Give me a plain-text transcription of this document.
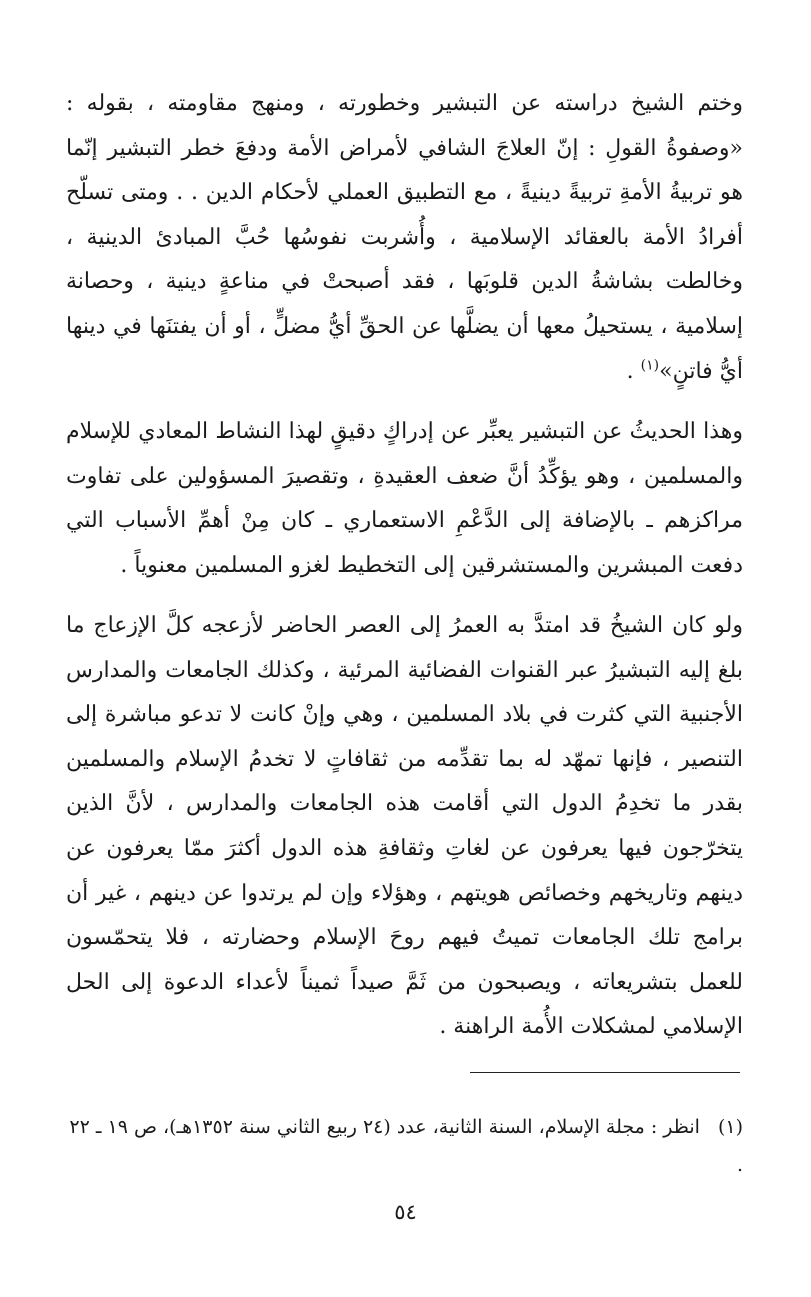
وختم الشيخ دراسته عن التبشير وخطورته ، ومنهج مقاومته ، بقوله : «وصفوةُ القولِ : إنّ العلاجَ الشافي لأمراض الأمة ودفعَ خطر التبشير إنّما هو تربيةُ الأمةِ تربيةً دينيةً ، مع التطبيق العملي لأحكام الدين . . ومتى تسلّح أفرادُ الأمة بالعقائد الإسلامية ، وأُشربت نفوسُها حُبَّ المبادئ الدينية ، وخالطت بشاشةُ الدين قلوبَها ، فقد أصبحتْ في مناعةٍ دينية ، وحصانة إسلامية ، يستحيلُ معها أن يضلَّها عن الحقِّ أيُّ مضلٍّ ، أو أن يفتنَها في دينها أيُّ فاتنٍ»$^{(١)}$ .

وهذا الحديثُ عن التبشير يعبِّر عن إدراكٍ دقيقٍ لهذا النشاط المعادي للإسلام والمسلمين ، وهو يؤكِّدُ أنَّ ضعف العقيدةِ ، وتقصيرَ المسؤولين على تفاوت مراكزهم ـ بالإضافة إلى الدَّعْمِ الاستعماري ـ كان مِنْ أهمِّ الأسباب التي دفعت المبشرين والمستشرقين إلى التخطيط لغزو المسلمين معنوياً .

ولو كان الشيخُ قد امتدَّ به العمرُ إلى العصر الحاضر لأزعجه كلَّ الإزعاج ما بلغ إليه التبشيرُ عبر القنوات الفضائية المرئية ، وكذلك الجامعات والمدارس الأجنبية التي كثرت في بلاد المسلمين ، وهي وإنْ كانت لا تدعو مباشرة إلى التنصير ، فإنها تمهّد له بما تقدِّمه من ثقافاتٍ لا تخدمُ الإسلام والمسلمين بقدر ما تخدِمُ الدول التي أقامت هذه الجامعات والمدارس ، لأنَّ الذين يتخرّجون فيها يعرفون عن لغاتِ وثقافةِ هذه الدول أكثرَ ممّا يعرفون عن دينهم وتاريخهم وخصائص هويتهم ، وهؤلاء وإن لم يرتدوا عن دينهم ، غير أن برامج تلك الجامعات تميتُ فيهم روحَ الإسلام وحضارته ، فلا يتحمّسون للعمل بتشريعاته ، ويصبحون من ثَمَّ صيداً ثميناً لأعداء الدعوة إلى الحل الإسلامي لمشكلات الأُمة الراهنة .

(١)انظر : مجلة الإسلام، السنة الثانية، عدد (٢٤ ربيع الثاني سنة ١٣٥٢هـ)، ص ١٩ ـ ٢٢ .

٥٤
